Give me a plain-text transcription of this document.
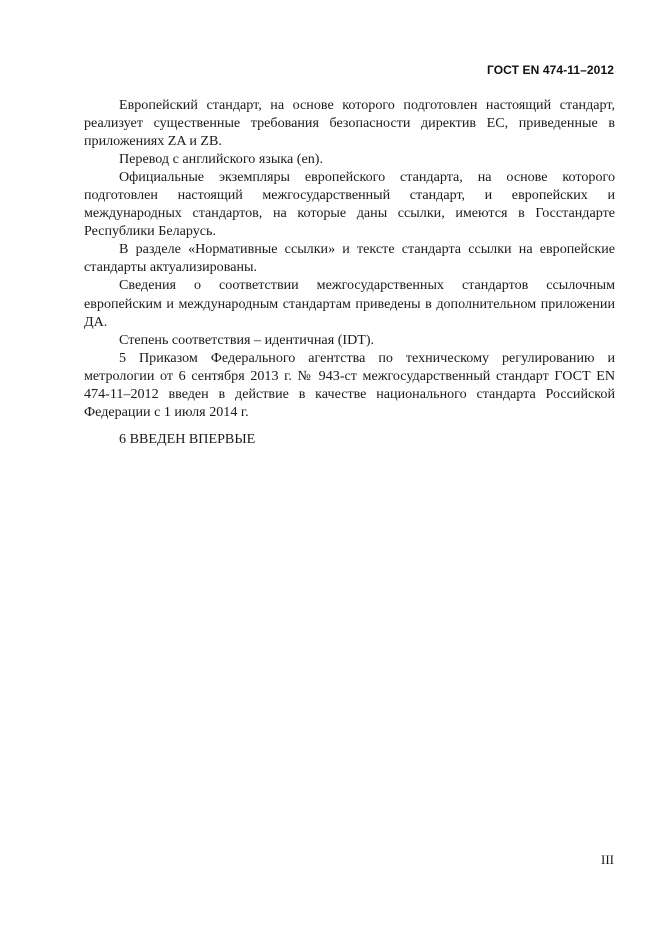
ГОСТ EN 474-11–2012

Европейский стандарт, на основе которого подготовлен настоящий стандарт, реализует существенные требования безопасности директив ЕС, приведенные в приложениях ZA и ZB.

Перевод с английского языка (en).

Официальные экземпляры европейского стандарта, на основе которого подготовлен настоящий межгосударственный стандарт, и европейских и международных стандартов, на которые даны ссылки, имеются в Госстандарте Республики Беларусь.

В разделе «Нормативные ссылки» и тексте стандарта ссылки на европейские стандарты актуализированы.

Сведения о соответствии межгосударственных стандартов ссылочным европейским и международным стандартам приведены в дополнительном приложении ДА.

Степень соответствия – идентичная (IDT).

5 Приказом Федерального агентства по техническому регулированию и метрологии от 6 сентября 2013 г. № 943-ст межгосударственный стандарт ГОСТ EN 474-11–2012 введен в действие в качестве национального стандарта Российской Федерации с 1 июля 2014 г.

6 ВВЕДЕН ВПЕРВЫЕ

III
